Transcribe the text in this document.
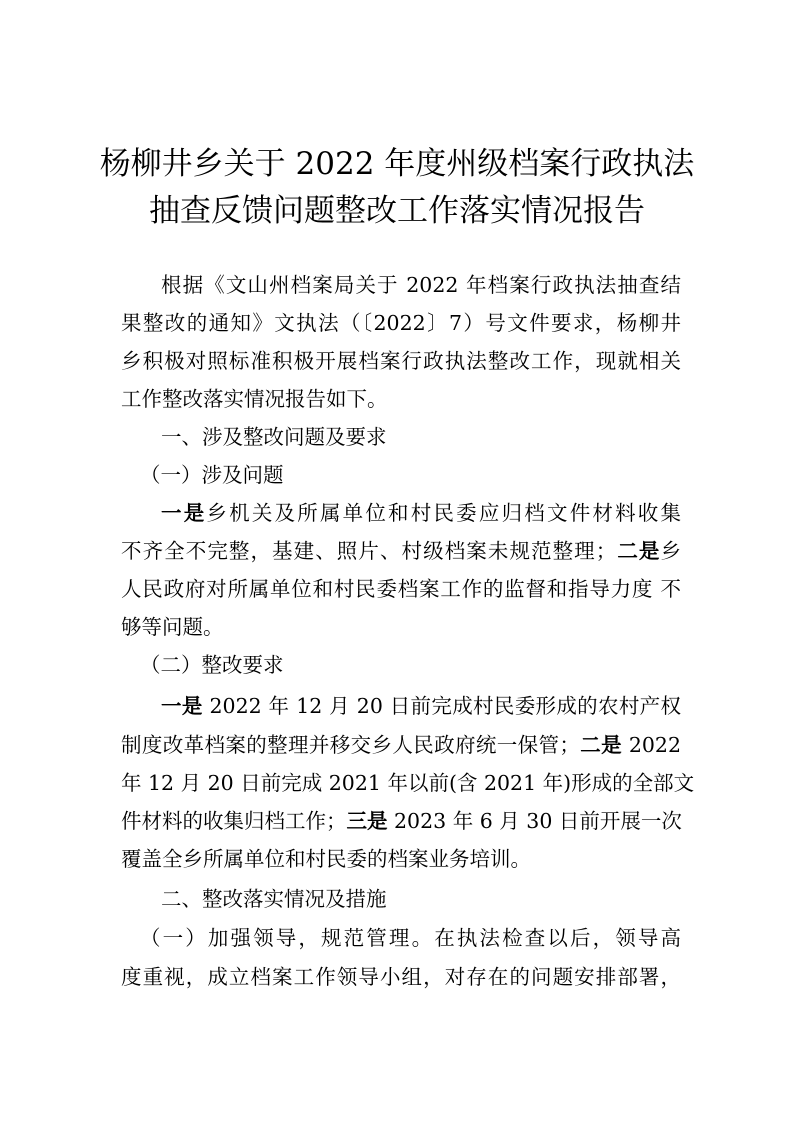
杨柳井乡关于 2022 年度州级档案行政执法
抽查反馈问题整改工作落实情况报告
根据《文山州档案局关于 2022 年档案行政执法抽查结
果整改的通知》文执法（〔2022〕7）号文件要求，杨柳井
乡积极对照标准积极开展档案行政执法整改工作，现就相关
工作整改落实情况报告如下。
一、涉及整改问题及要求
（一）涉及问题
一是乡机关及所属单位和村民委应归档文件材料收集
不齐全不完整，基建、照片、村级档案未规范整理；二是乡
人民政府对所属单位和村民委档案工作的监督和指导力度 不
够等问题。
（二）整改要求
一是 2022 年 12 月 20 日前完成村民委形成的农村产权
制度改革档案的整理并移交乡人民政府统一保管；二是 2022
年 12 月 20 日前完成 2021 年以前(含 2021 年)形成的全部文
件材料的收集归档工作；三是 2023 年 6 月 30 日前开展一次
覆盖全乡所属单位和村民委的档案业务培训。
二、整改落实情况及措施
（一）加强领导，规范管理。在执法检查以后，领导高
度重视，成立档案工作领导小组，对存在的问题安排部署，
